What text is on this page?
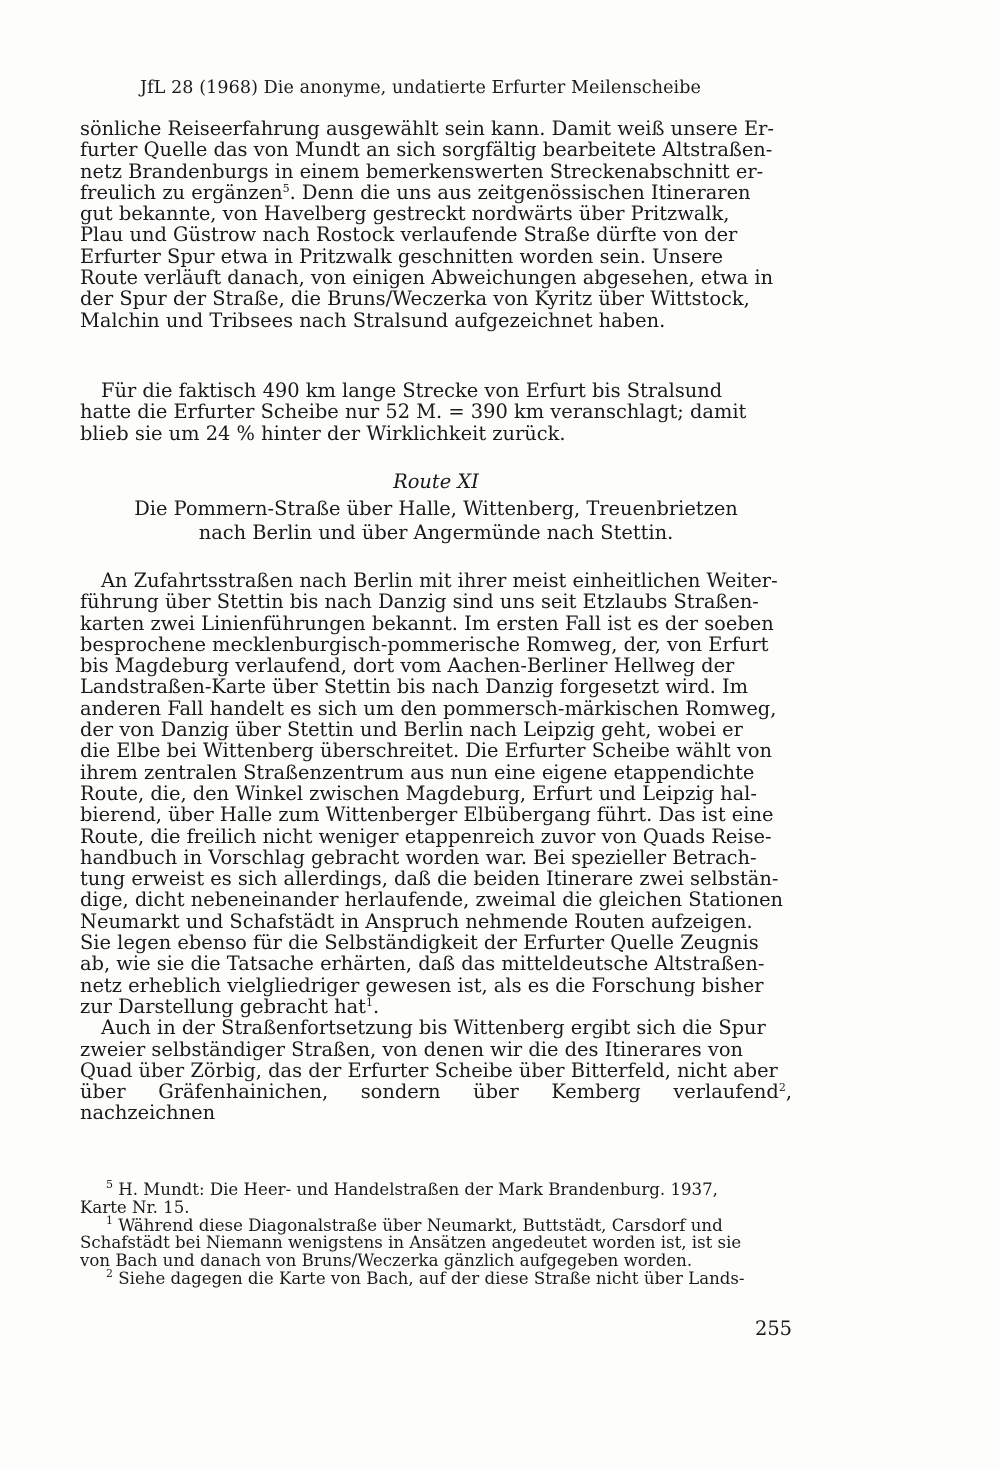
JfL 28 (1968) Die anonyme, undatierte Erfurter Meilenscheibe

sönliche Reiseerfahrung ausgewählt sein kann. Damit weiß unsere Er-
furter Quelle das von Mundt an sich sorgfältig bearbeitete Altstraßen-
netz Brandenburgs in einem bemerkenswerten Streckenabschnitt er-
freulich zu ergänzen$^5$. Denn die uns aus zeitgenössischen Itineraren
gut bekannte, von Havelberg gestreckt nordwärts über Pritzwalk,
Plau und Güstrow nach Rostock verlaufende Straße dürfte von der
Erfurter Spur etwa in Pritzwalk geschnitten worden sein. Unsere
Route verläuft danach, von einigen Abweichungen abgesehen, etwa in
der Spur der Straße, die Bruns/Weczerka von Kyritz über Wittstock,
Malchin und Tribsees nach Stralsund aufgezeichnet haben.

Für die faktisch 490 km lange Strecke von Erfurt bis Stralsund
hatte die Erfurter Scheibe nur 52 M. = 390 km veranschlagt; damit
blieb sie um 24 % hinter der Wirklichkeit zurück.

Route XI
Die Pommern-Straße über Halle, Wittenberg, Treuenbrietzen
nach Berlin und über Angermünde nach Stettin.

An Zufahrtsstraßen nach Berlin mit ihrer meist einheitlichen Weiter-
führung über Stettin bis nach Danzig sind uns seit Etzlaubs Straßen-
karten zwei Linienführungen bekannt. Im ersten Fall ist es der soeben
besprochene mecklenburgisch-pommerische Romweg, der, von Erfurt
bis Magdeburg verlaufend, dort vom Aachen-Berliner Hellweg der
Landstraßen-Karte über Stettin bis nach Danzig forgesetzt wird. Im
anderen Fall handelt es sich um den pommersch-märkischen Romweg,
der von Danzig über Stettin und Berlin nach Leipzig geht, wobei er
die Elbe bei Wittenberg überschreitet. Die Erfurter Scheibe wählt von
ihrem zentralen Straßenzentrum aus nun eine eigene etappendichte
Route, die, den Winkel zwischen Magdeburg, Erfurt und Leipzig hal-
bierend, über Halle zum Wittenberger Elbübergang führt. Das ist eine
Route, die freilich nicht weniger etappenreich zuvor von Quads Reise-
handbuch in Vorschlag gebracht worden war. Bei spezieller Betrach-
tung erweist es sich allerdings, daß die beiden Itinerare zwei selbstän-
dige, dicht nebeneinander herlaufende, zweimal die gleichen Stationen
Neumarkt und Schafstädt in Anspruch nehmende Routen aufzeigen.
Sie legen ebenso für die Selbständigkeit der Erfurter Quelle Zeugnis
ab, wie sie die Tatsache erhärten, daß das mitteldeutsche Altstraßen-
netz erheblich vielgliedriger gewesen ist, als es die Forschung bisher
zur Darstellung gebracht hat$^1$.

Auch in der Straßenfortsetzung bis Wittenberg ergibt sich die Spur
zweier selbständiger Straßen, von denen wir die des Itinerares von
Quad über Zörbig, das der Erfurter Scheibe über Bitterfeld, nicht aber
über Gräfenhainichen, sondern über Kemberg verlaufend$^2$, nachzeichnen

$^5$ H. Mundt: Die Heer- und Handelstraßen der Mark Brandenburg. 1937,
Karte Nr. 15.

$^1$ Während diese Diagonalstraße über Neumarkt, Buttstädt, Carsdorf und
Schafstädt bei Niemann wenigstens in Ansätzen angedeutet worden ist, ist sie
von Bach und danach von Bruns/Weczerka gänzlich aufgegeben worden.

$^2$ Siehe dagegen die Karte von Bach, auf der diese Straße nicht über Lands-

255
